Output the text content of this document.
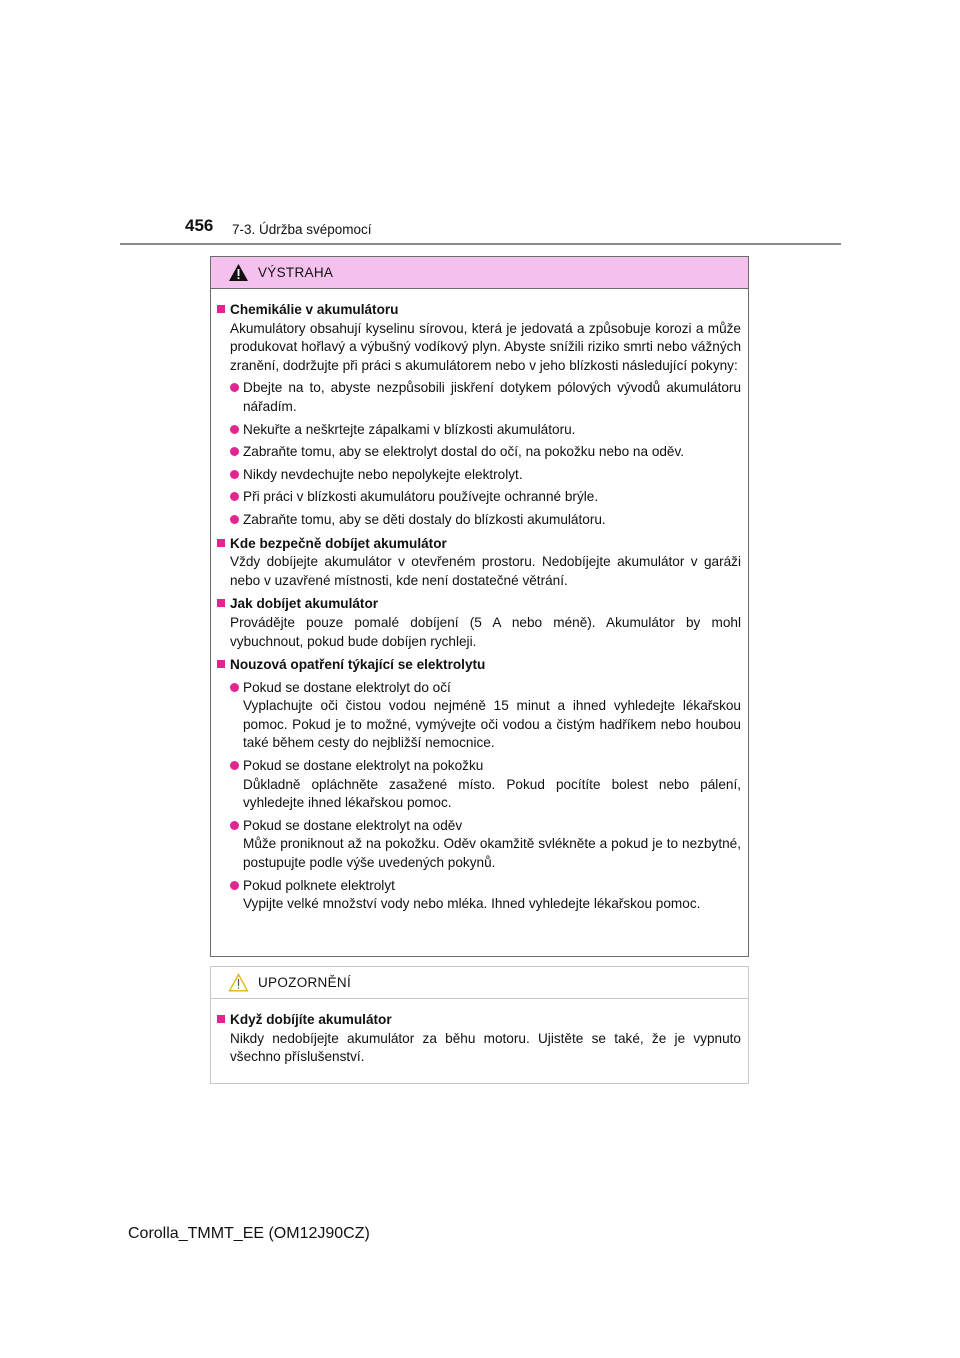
456 7-3. Údržba svépomocí
VÝSTRAHA
Chemikálie v akumulátoru
Akumulátory obsahují kyselinu sírovou, která je jedovatá a způsobuje korozi a může produkovat hořlavý a výbušný vodíkový plyn. Abyste snížili riziko smrti nebo vážných zranění, dodržujte při práci s akumulátorem nebo v jeho blízkosti následující pokyny:
Dbejte na to, abyste nezpůsobili jiskření dotykem pólových vývodů akumulátoru nářadím.
Nekuřte a neškrtejte zápalkami v blízkosti akumulátoru.
Zabraňte tomu, aby se elektrolyt dostal do očí, na pokožku nebo na oděv.
Nikdy nevdechujte nebo nepolykejte elektrolyt.
Při práci v blízkosti akumulátoru používejte ochranné brýle.
Zabraňte tomu, aby se děti dostaly do blízkosti akumulátoru.
Kde bezpečně dobíjet akumulátor
Vždy dobíjejte akumulátor v otevřeném prostoru. Nedobíjejte akumulátor v garáži nebo v uzavřené místnosti, kde není dostatečné větrání.
Jak dobíjet akumulátor
Provádějte pouze pomalé dobíjení (5 A nebo méně). Akumulátor by mohl vybuchnout, pokud bude dobíjen rychleji.
Nouzová opatření týkající se elektrolytu
Pokud se dostane elektrolyt do očí
Vyplachujte oči čistou vodou nejméně 15 minut a ihned vyhledejte lékařskou pomoc. Pokud je to možné, vymývejte oči vodou a čistým hadříkem nebo houbou také během cesty do nejbližší nemocnice.
Pokud se dostane elektrolyt na pokožku
Důkladně opláchněte zasažené místo. Pokud pocítíte bolest nebo pálení, vyhledejte ihned lékařskou pomoc.
Pokud se dostane elektrolyt na oděv
Může proniknout až na pokožku. Oděv okamžitě svlékněte a pokud je to nezbytné, postupujte podle výše uvedených pokynů.
Pokud polknete elektrolyt
Vypijte velké množství vody nebo mléka. Ihned vyhledejte lékařskou pomoc.
UPOZORNĚNÍ
Když dobíjíte akumulátor
Nikdy nedobíjejte akumulátor za běhu motoru. Ujistěte se také, že je vypnuto všechno příslušenství.
Corolla_TMMT_EE (OM12J90CZ)
